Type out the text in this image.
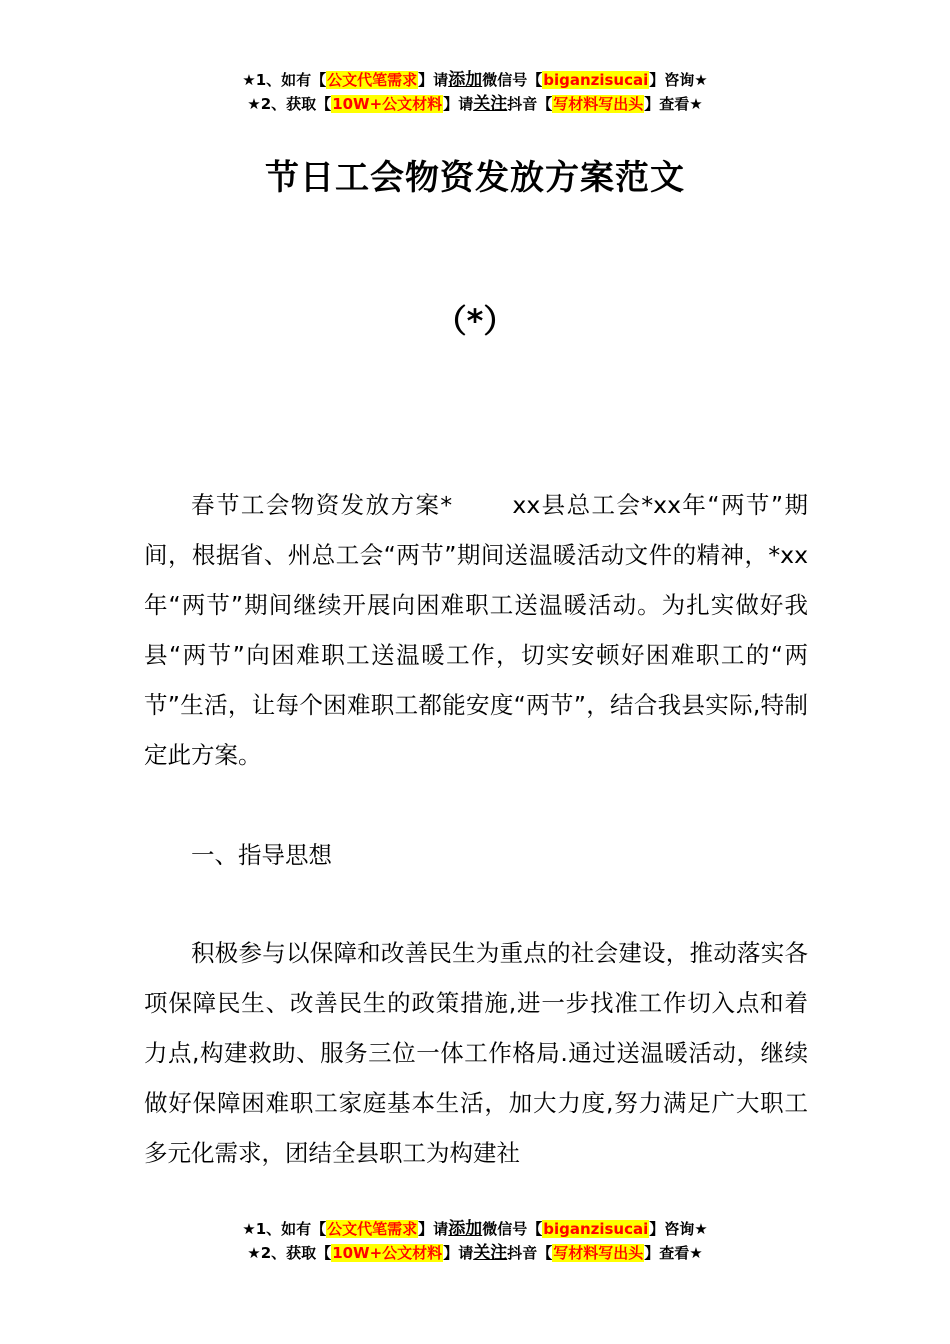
★1、如有【公文代笔需求】请添加微信号【biganzisucai】咨询★
★2、获取【10W+公文材料】请关注抖音【写材料写出头】查看★
节日工会物资发放方案范文
（*）

春节工会物资发放方案*　　 xx县总工会*xx年“两节”期间，根据省、州总工会“两节”期间送温暖活动文件的精神，*xx年“两节”期间继续开展向困难职工送温暖活动。为扎实做好我县“两节”向困难职工送温暖工作，切实安顿好困难职工的“两节”生活，让每个困难职工都能安度“两节”，结合我县实际,特制定此方案。

一、指导思想

积极参与以保障和改善民生为重点的社会建设，推动落实各项保障民生、改善民生的政策措施,进一步找准工作切入点和着力点,构建救助、服务三位一体工作格局.通过送温暖活动，继续做好保障困难职工家庭基本生活，加大力度,努力满足广大职工多元化需求，团结全县职工为构建社

★1、如有【公文代笔需求】请添加微信号【biganzisucai】咨询★
★2、获取【10W+公文材料】请关注抖音【写材料写出头】查看★
